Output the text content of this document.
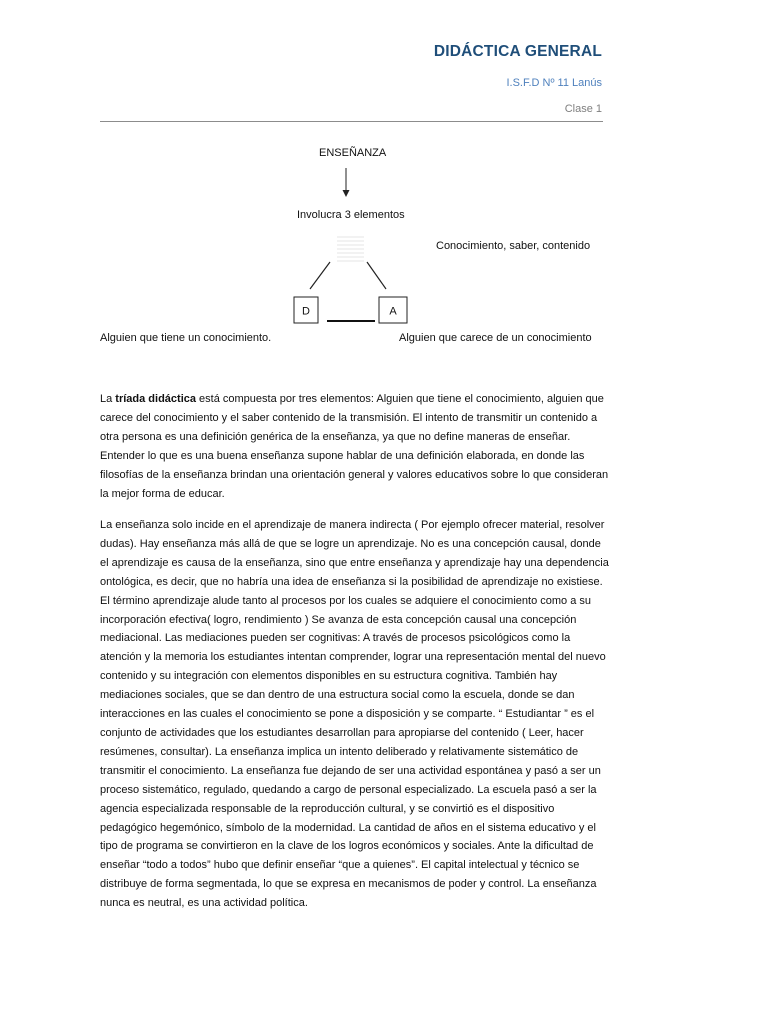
DIDÁCTICA GENERAL
I.S.F.D Nº 11 Lanús
Clase 1
D	A
ENSEÑANZA
Involucra 3 elementos
Conocimiento, saber, contenido
Alguien que tiene un conocimiento.	Alguien que carece de un conocimiento
La tríada didáctica está compuesta por tres elementos: Alguien que tiene el conocimiento, alguien que carece del conocimiento y el saber contenido de la transmisión. El intento de transmitir un contenido a otra persona es una definición genérica de la enseñanza, ya que no define maneras de enseñar. Entender lo que es una buena enseñanza supone hablar de una definición elaborada, en donde las filosofías de la enseñanza brindan una orientación general y valores educativos sobre lo que consideran la mejor forma de educar.
La enseñanza solo incide en el aprendizaje de manera indirecta ( Por ejemplo ofrecer material, resolver dudas). Hay enseñanza más allá de que se logre un aprendizaje. No es una concepción causal, donde el aprendizaje es causa de la enseñanza, sino que entre enseñanza y aprendizaje hay una dependencia ontológica, es decir, que no habría una idea de enseñanza si la posibilidad de aprendizaje no existiese. El término aprendizaje alude tanto al procesos por los cuales se adquiere el conocimiento como a su incorporación efectiva( logro, rendimiento ) Se avanza de esta concepción causal una concepción mediacional. Las mediaciones pueden ser cognitivas: A través de procesos psicológicos como la atención y la memoria los estudiantes intentan comprender, lograr una representación mental del nuevo contenido y su integración con elementos disponibles en su estructura cognitiva. También hay mediaciones sociales, que se dan dentro de una estructura social como la escuela, donde se dan interacciones en las cuales el conocimiento se pone a disposición y se comparte. “ Estudiantar ” es el conjunto de actividades que los estudiantes desarrollan para apropiarse del contenido ( Leer, hacer resúmenes, consultar). La enseñanza implica un intento deliberado y relativamente sistemático de transmitir el conocimiento. La enseñanza fue dejando de ser una actividad espontánea y pasó a ser un proceso sistemático, regulado, quedando a cargo de personal especializado. La escuela pasó a ser la agencia especializada responsable de la reproducción cultural, y se convirtió es el dispositivo pedagógico hegemónico, símbolo de la modernidad. La cantidad de años en el sistema educativo y el tipo de programa se convirtieron en la clave de los logros económicos y sociales. Ante la dificultad de enseñar “todo a todos” hubo que definir enseñar “que a quienes”. El capital intelectual y técnico se distribuye de forma segmentada, lo que se expresa en mecanismos de poder y control. La enseñanza nunca es neutral, es una actividad política.
